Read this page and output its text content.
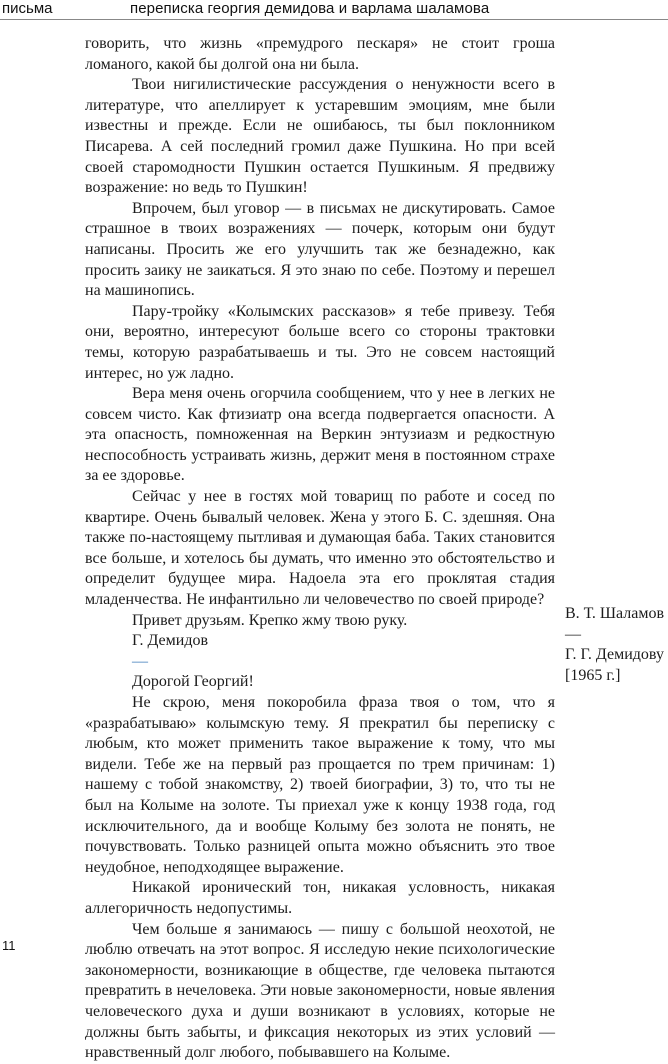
письма	переписка георгия демидова и варлама шаламова

говорить, что жизнь «премудрого пескаря» не стоит гроша ломаного, какой бы долгой она ни была.

Твои нигилистические рассуждения о ненужности всего в литературе, что апеллирует к устаревшим эмоциям, мне были известны и прежде. Если не ошибаюсь, ты был поклонником Писарева. А сей последний громил даже Пушкина. Но при всей своей старомодности Пушкин остается Пушкиным. Я предвижу возражение: но ведь то Пушкин!

Впрочем, был уговор — в письмах не дискутировать. Самое страшное в твоих возражениях — почерк, которым они будут написаны. Просить же его улучшить так же безнадежно, как просить заику не заикаться. Я это знаю по себе. Поэтому и перешел на машинопись.

Пару-тройку «Колымских рассказов» я тебе привезу. Тебя они, вероятно, интересуют больше всего со стороны трактовки темы, которую разрабатываешь и ты. Это не совсем настоящий интерес, но уж ладно.

Вера меня очень огорчила сообщением, что у нее в легких не совсем чисто. Как фтизиатр она всегда подвергается опасности. А эта опасность, помноженная на Веркин энтузиазм и редкостную неспособность устраивать жизнь, держит меня в постоянном страхе за ее здоровье.

Сейчас у нее в гостях мой товарищ по работе и сосед по квартире. Очень бывалый человек. Жена у этого Б. С. здешняя. Она также по-настоящему пытливая и думающая баба. Таких становится все больше, и хотелось бы думать, что именно это обстоятельство и определит будущее мира. Надоела эта его проклятая стадия младенчества. Не инфантильно ли человечество по своей природе?

Привет друзьям. Крепко жму твою руку.

Г. Демидов

—

Дорогой Георгий!

Не скрою, меня покоробила фраза твоя о том, что я «разрабатываю» колымскую тему. Я прекратил бы переписку с любым, кто может применить такое выражение к тому, что мы видели. Тебе же на первый раз прощается по трем причинам: 1) нашему с тобой знакомству, 2) твоей биографии, 3) то, что ты не был на Колыме на золоте. Ты приехал уже к концу 1938 года, год исключительного, да и вообще Колыму без золота не понять, не почувствовать. Только разницей опыта можно объяснить это твое неудобное, неподходящее выражение.

Никакой иронический тон, никакая условность, никакая аллегоричность недопустимы.

Чем больше я занимаюсь — пишу с большой неохотой, не люблю отвечать на этот вопрос. Я исследую некие психологические закономерности, возникающие в обществе, где человека пытаются превратить в нечеловека. Эти новые закономерности, новые явления человеческого духа и души возникают в условиях, которые не должны быть забыты, и фиксация некоторых из этих условий — нравственный долг любого, побывавшего на Колыме.

В. Т. Шаламов
—
Г. Г. Демидову
[1965 г.]
11
